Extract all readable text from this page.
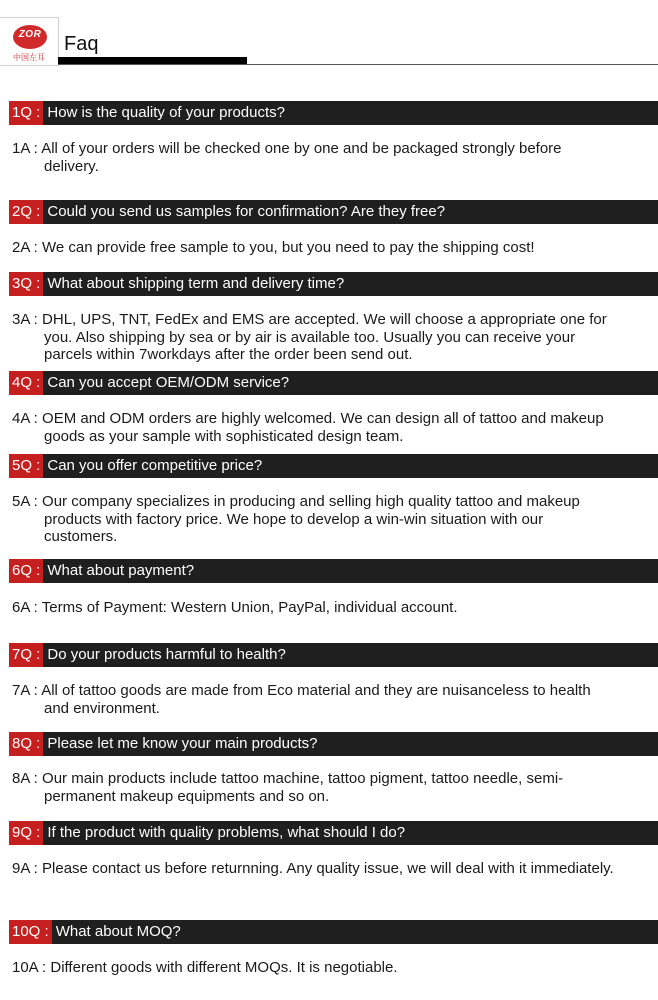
ZOR
中国左耳
Faq
1Q : How is the quality of your products?
1A : All of your orders will be checked one by one and be packaged strongly before delivery.
2Q : Could you send us samples for confirmation? Are they free?
2A : We can provide free sample to you, but you need to pay the shipping cost!
3Q : What about shipping term and delivery time?
3A : DHL, UPS, TNT, FedEx and EMS are accepted. We will choose a appropriate one for you. Also shipping by sea or by air is available too. Usually you can receive your parcels within 7workdays after the order been send out.
4Q : Can you accept OEM/ODM service?
4A : OEM and ODM orders are highly welcomed. We can design all of tattoo and makeup goods as your sample with sophisticated design team.
5Q : Can you offer competitive price?
5A : Our company specializes in producing and selling high quality tattoo and makeup products with factory price. We hope to develop a win-win situation with our customers.
6Q : What about payment?
6A : Terms of Payment: Western Union, PayPal, individual account.
7Q : Do your products harmful to health?
7A : All of tattoo goods are made from Eco material and they are nuisanceless to health and environment.
8Q : Please let me know your main products?
8A : Our main products include tattoo machine, tattoo pigment, tattoo needle, semi-permanent makeup equipments and so on.
9Q : If the product with quality problems, what should I do?
9A : Please contact us before returnning. Any quality issue, we will deal with it immediately.
10Q : What about MOQ?
10A : Different goods with different MOQs. It is negotiable.
